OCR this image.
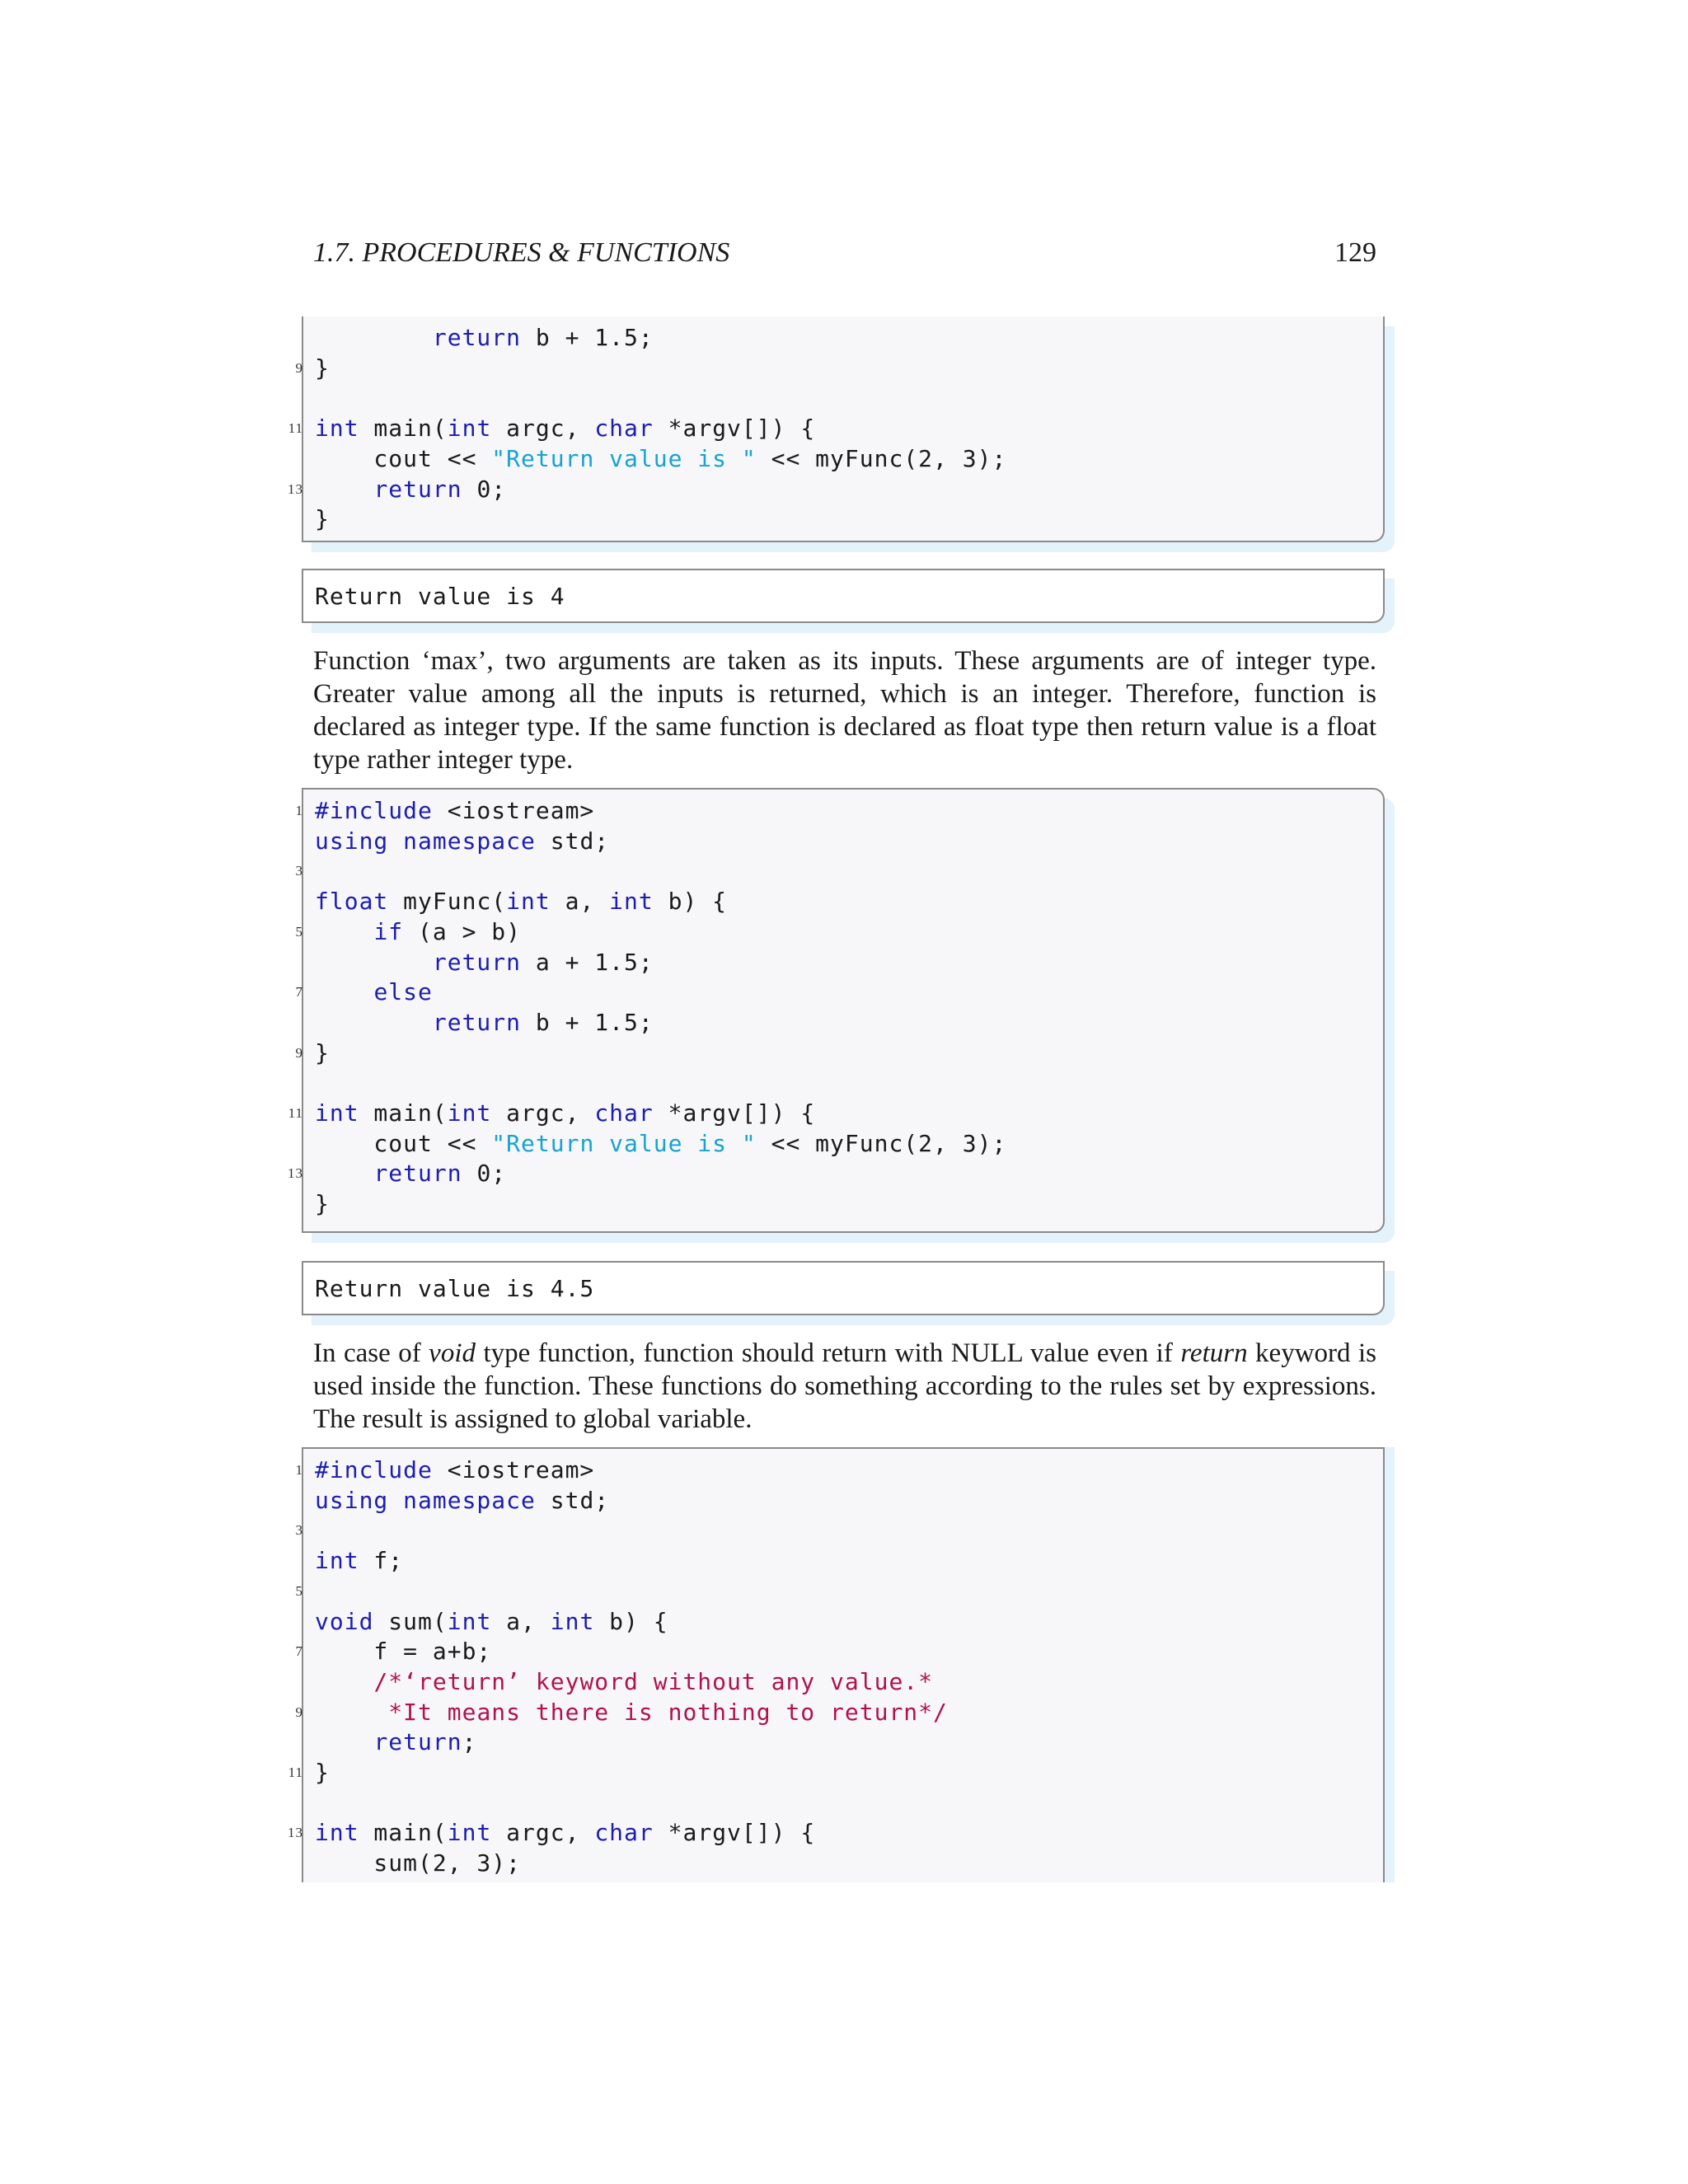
1.7. PROCEDURES & FUNCTIONS	129
return b + 1.5;
9 }
11 int main(int argc, char *argv[]) {
cout << "Return value is " << myFunc(2, 3);
13	return 0;
}
Return value is 4

Function ‘max’, two arguments are taken as its inputs. These arguments are of integer type. Greater value among all the inputs is returned, which is an integer. Therefore, function is declared as integer type. If the same function is declared as float type then return value is a float type rather integer type.

1 #include <iostream>
using namespace std;
3
float myFunc(int a, int b) {
5	if (a > b)
return a + 1.5;
7	else
return b + 1.5;
9 }
11 int main(int argc, char *argv[]) {
cout << "Return value is " << myFunc(2, 3);
13	return 0;
}
Return value is 4.5

In case of void type function, function should return with NULL value even if return keyword is used inside the function. These functions do something according to the rules set by expressions. The result is assigned to global variable.

1 #include <iostream>
using namespace std;
3
int f;
5
void sum(int a, int b) {
7 f = a+b;
/*‘return’ keyword without any value.*
9	*It means there is nothing to return*/
return;
11 }
13 int main(int argc, char *argv[]) {
sum(2, 3);
